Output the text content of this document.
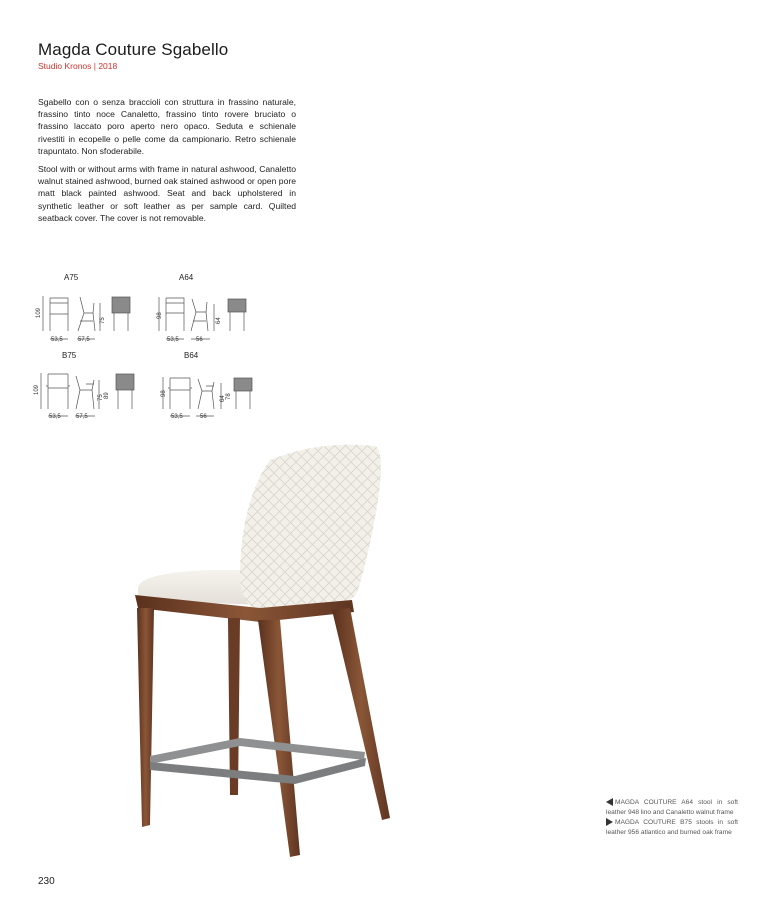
Magda Couture Sgabello
Studio Kronos | 2018
Sgabello con o senza braccioli con struttura in frassino naturale, frassino tinto noce Canaletto, frassino tinto rovere bruciato o frassino laccato poro aperto nero opaco. Seduta e schienale rivestiti in ecopelle o pelle come da campionario. Retro schienale trapuntato. Non sfoderabile.
Stool with or without arms with frame in natural ashwood, Canaletto walnut stained ashwood, burned oak stained ashwood or open pore matt black painted ashwood. Seat and back upholstered in synthetic leather or soft leather as per sample card. Quilted seatback cover. The cover is not removable.
A75	A64
B75	B64
109
75
53,5	57,5
98
64
53,5	56
109
75 89
53,5	57,5
98
64 78
53,5	56

MAGDA COUTURE A64 stool in soft leather 948 lino and Canaletto walnut frame

MAGDA COUTURE B75 stools in soft leather 956 atlantico and burned oak frame

230
